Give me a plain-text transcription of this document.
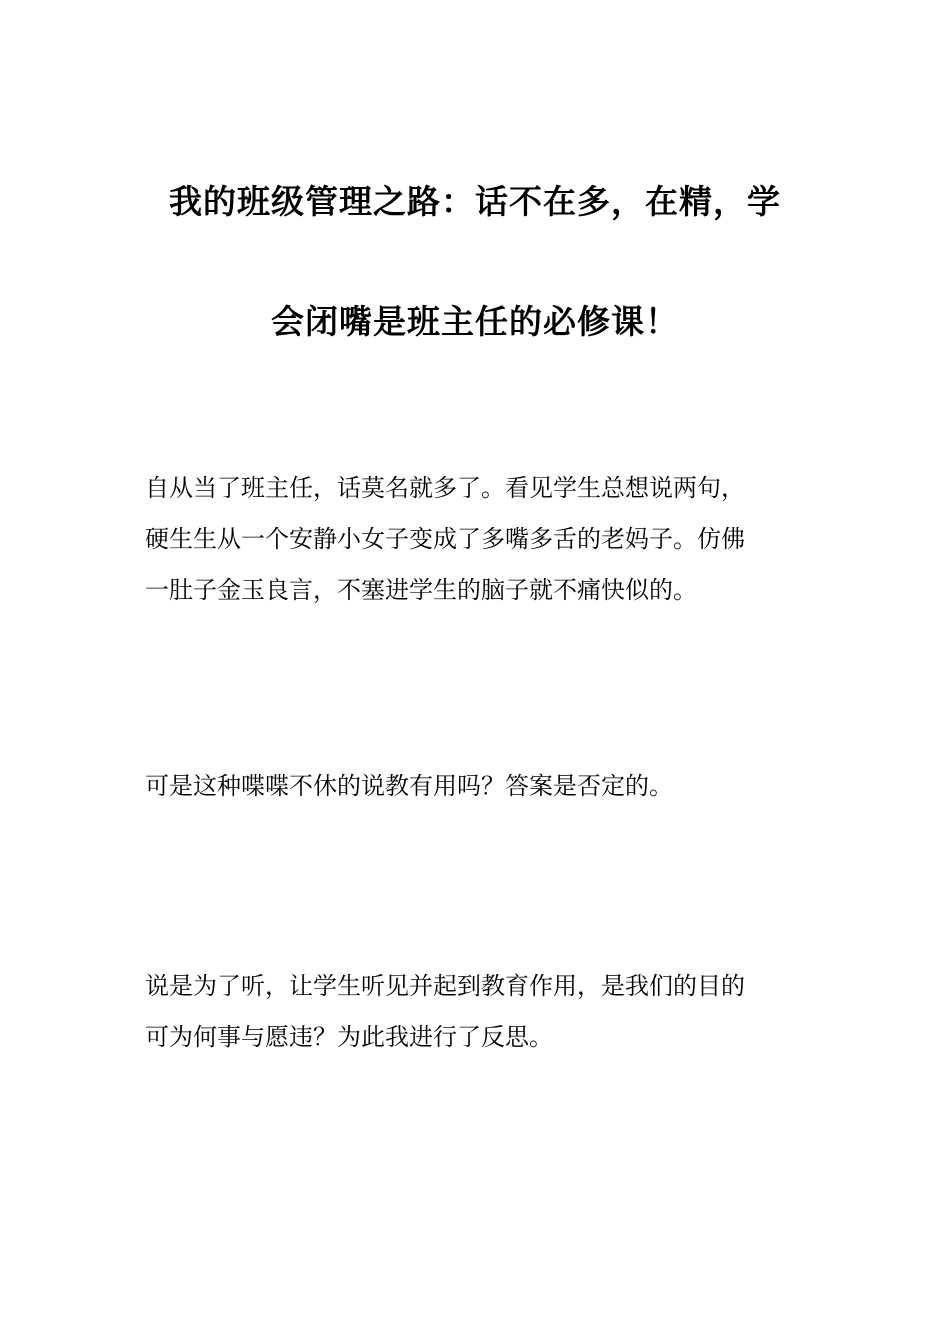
我的班级管理之路：话不在多，在精，学
会闭嘴是班主任的必修课！

自从当了班主任，话莫名就多了。看见学生总想说两句，
硬生生从一个安静小女子变成了多嘴多舌的老妈子。仿佛
一肚子金玉良言，不塞进学生的脑子就不痛快似的。

可是这种喋喋不休的说教有用吗？答案是否定的。

说是为了听，让学生听见并起到教育作用，是我们的目的
可为何事与愿违？为此我进行了反思。
